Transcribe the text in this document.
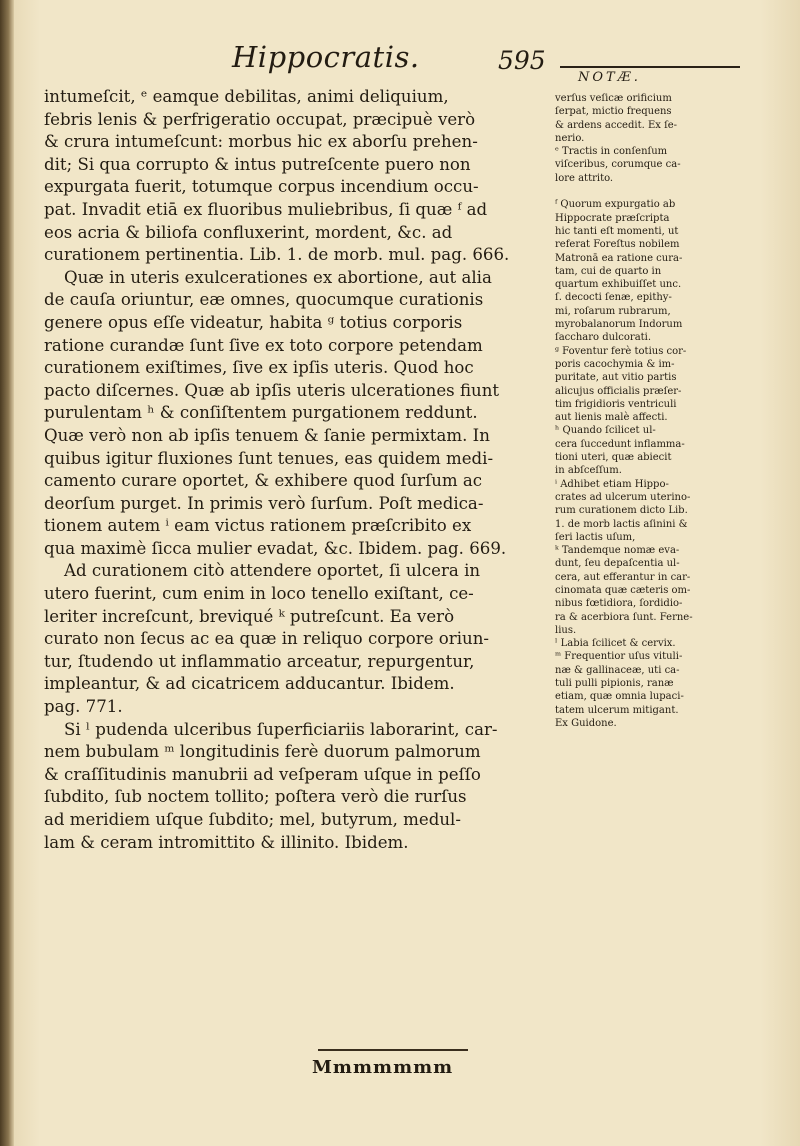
Hippocratis.	595
NOTÆ.
intumeſcit, ᵉ eamque debilitas, animi deliquium,
febris lenis & perfrigeratio occupat, præcipuè verò
& crura intumeſcunt: morbus hic ex aborſu prehen-
dit; Si qua corrupto & intus putreſcente puero non
expurgata fuerit, totumque corpus incendium occu-
pat. Invadit etiā ex fluoribus muliebribus, ſi quæ ᶠ ad
eos acria & biliofa confluxerint, mordent, &c. ad
curationem pertinentia. Lib. 1. de morb. mul. pag. 666.
Quæ in uteris exulcerationes ex abortione, aut alia
de cauſa oriuntur, eæ omnes, quocumque curationis
genere opus eſſe videatur, habita ᵍ totius corporis
ratione curandæ ſunt ſive ex toto corpore petendam
curationem exiſtimes, ſive ex ipſis uteris. Quod hoc
pacto diſcernes. Quæ ab ipſis uteris ulcerationes fiunt
purulentam ʰ & conſiſtentem purgationem reddunt.
Quæ verò non ab ipſis tenuem & ſanie permixtam. In
quibus igitur fluxiones ſunt tenues, eas quidem medi-
camento curare oportet, & exhibere quod ſurſum ac
deorſum purget. In primis verò ſurſum. Poſt medica-
tionem autem ⁱ eam victus rationem præſcribito ex
qua maximè ſicca mulier evadat, &c. Ibidem. pag. 669.
Ad curationem citò attendere oportet, ſi ulcera in
utero fuerint, cum enim in loco tenello exiſtant, ce-
leriter increſcunt, breviqué ᵏ putreſcunt. Ea verò
curato non ſecus ac ea quæ in reliquo corpore oriun-
tur, ſtudendo ut inflammatio arceatur, repurgentur,
impleantur, & ad cicatricem adducantur. Ibidem.
pag. 771.
Si ˡ pudenda ulceribus ſuperficiariis laborarint, car-
nem bubulam ᵐ longitudinis ferè duorum palmorum
& craſſitudinis manubrii ad veſperam uſque in peſſo
ſubdito, ſub noctem tollito; poſtera verò die rurſus
ad meridiem uſque ſubdito; mel, butyrum, medul-
lam & ceram intromittito & illinito. Ibidem.
verſus veſicæ orificium
ſerpat, mictio frequens
& ardens accedit. Ex ſe-
nerio.
ᵉ Tractis in conſenſum
viſceribus, corumque ca-
lore attrito.
ᶠ Quorum expurgatio ab
Hippocrate præſcripta
hic tanti eſt momenti, ut
referat Foreſtus nobilem
Matronā ea ratione cura-
tam, cui de quarto in
quartum exhibuiſſet unc.
ſ. decocti ſenæ, epithy-
mi, roſarum rubrarum,
myrobalanorum Indorum
ſaccharo dulcorati.
ᵍ Foventur ferè totius cor-
poris cacochymia & im-
puritate, aut vitio partis
alicujus officialis præſer-
tim frigidioris ventriculi
aut lienis malè affecti.
ʰ Quando ſcilicet ul-
cera ſuccedunt inflamma-
tioni uteri, quæ abiecit
in abſceſſum.
ⁱ Adhibet etiam Hippo-
crates ad ulcerum uterino-
rum curationem dicto Lib.
1. de morb lactis aſinini &
ſeri lactis uſum,
ᵏ Tandemque nomæ eva-
dunt, ſeu depaſcentia ul-
cera, aut efferantur in car-
cinomata quæ cæteris om-
nibus fœtidiora, ſordidio-
ra & acerbiora ſunt. Ferne-
lius.
ˡ Labia ſcilicet & cervix.
ᵐ Frequentior uſus vituli-
næ & gallinaceæ, uti ca-
tuli pulli pipionis, ranæ
etiam, quæ omnia lupaci-
tatem ulcerum mitigant.
Ex Guidone.
Mmmmmmm
